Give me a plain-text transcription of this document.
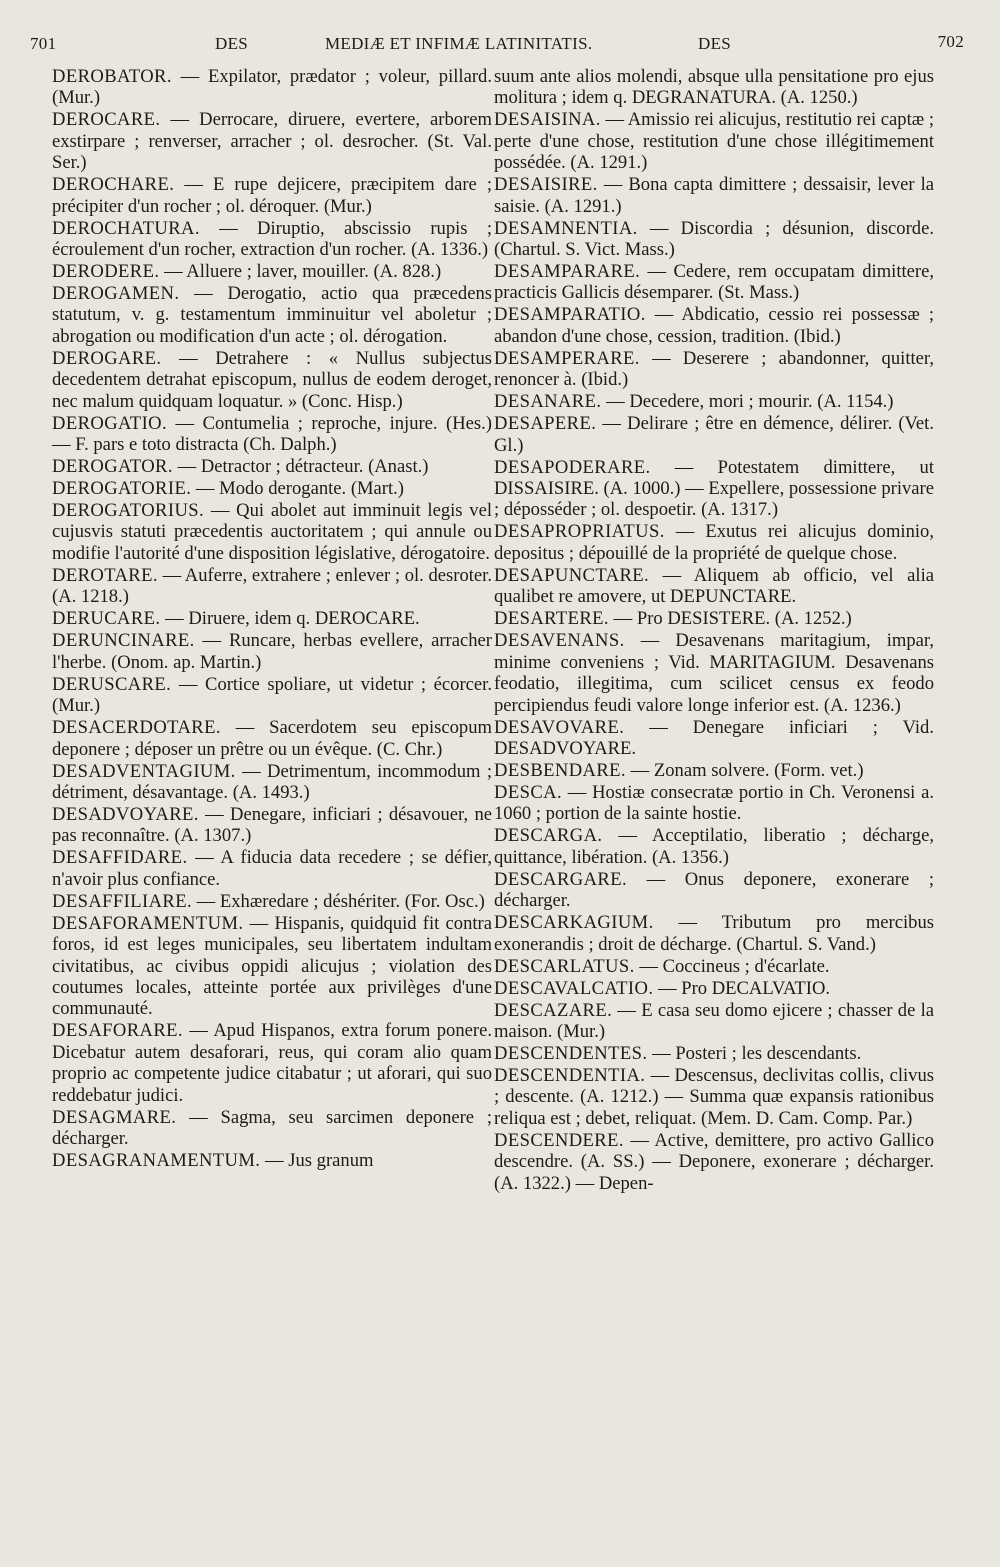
701	DES	MEDIÆ ET INFIMÆ LATINITATIS.	DES	702

DEROBATOR. — Expilator, prædator ; voleur, pillard. (Mur.)

DEROCARE. — Derrocare, diruere, evertere, arborem exstirpare ; renverser, arracher ; ol. desrocher. (St. Val. Ser.)

DEROCHARE. — E rupe dejicere, præcipitem dare ; précipiter d'un rocher ; ol. déroquer. (Mur.)

DEROCHATURA. — Diruptio, abscissio rupis ; écroulement d'un rocher, extraction d'un rocher. (A. 1336.)

DERODERE. — Alluere ; laver, mouiller. (A. 828.)

DEROGAMEN. — Derogatio, actio qua præcedens statutum, v. g. testamentum imminuitur vel aboletur ; abrogation ou modification d'un acte ; ol. dérogation.

DEROGARE. — Detrahere : « Nullus subjectus decedentem detrahat episcopum, nullus de eodem deroget, nec malum quidquam loquatur. » (Conc. Hisp.)

DEROGATIO. — Contumelia ; reproche, injure. (Hes.) — F. pars e toto distracta (Ch. Dalph.)

DEROGATOR. — Detractor ; détracteur. (Anast.)

DEROGATORIE. — Modo derogante. (Mart.)

DEROGATORIUS. — Qui abolet aut imminuit legis vel cujusvis statuti præcedentis auctoritatem ; qui annule ou modifie l'autorité d'une disposition législative, dérogatoire.

DEROTARE. — Auferre, extrahere ; enlever ; ol. desroter. (A. 1218.)

DERUCARE. — Diruere, idem q. DEROCARE.

DERUNCINARE. — Runcare, herbas evellere, arracher l'herbe. (Onom. ap. Martin.)

DERUSCARE. — Cortice spoliare, ut videtur ; écorcer. (Mur.)

DESACERDOTARE. — Sacerdotem seu episcopum deponere ; déposer un prêtre ou un évêque. (C. Chr.)

DESADVENTAGIUM. — Detrimentum, incommodum ; détriment, désavantage. (A. 1493.)

DESADVOYARE. — Denegare, inficiari ; désavouer, ne pas reconnaître. (A. 1307.)

DESAFFIDARE. — A fiducia data recedere ; se défier, n'avoir plus confiance.

DESAFFILIARE. — Exhæredare ; déshériter. (For. Osc.)

DESAFORAMENTUM. — Hispanis, quidquid fit contra foros, id est leges municipales, seu libertatem indultam civitatibus, ac civibus oppidi alicujus ; violation des coutumes locales, atteinte portée aux privilèges d'une communauté.

DESAFORARE. — Apud Hispanos, extra forum ponere. Dicebatur autem desaforari, reus, qui coram alio quam proprio ac competente judice citabatur ; ut aforari, qui suo reddebatur judici.

DESAGMARE. — Sagma, seu sarcimen deponere ; décharger.

DESAGRANAMENTUM. — Jus granum

suum ante alios molendi, absque ulla pensitatione pro ejus molitura ; idem q. DEGRANATURA. (A. 1250.)

DESAISINA. — Amissio rei alicujus, restitutio rei captæ ; perte d'une chose, restitution d'une chose illégitimement possédée. (A. 1291.)

DESAISIRE. — Bona capta dimittere ; dessaisir, lever la saisie. (A. 1291.)

DESAMNENTIA. — Discordia ; désunion, discorde. (Chartul. S. Vict. Mass.)

DESAMPARARE. — Cedere, rem occupatam dimittere, practicis Gallicis désemparer. (St. Mass.)

DESAMPARATIO. — Abdicatio, cessio rei possessæ ; abandon d'une chose, cession, tradition. (Ibid.)

DESAMPERARE. — Deserere ; abandonner, quitter, renoncer à. (Ibid.)

DESANARE. — Decedere, mori ; mourir. (A. 1154.)

DESAPERE. — Delirare ; être en démence, délirer. (Vet. Gl.)

DESAPODERARE. — Potestatem dimittere, ut DISSAISIRE. (A. 1000.) — Expellere, possessione privare ; déposséder ; ol. despoetir. (A. 1317.)

DESAPROPRIATUS. — Exutus rei alicujus dominio, depositus ; dépouillé de la propriété de quelque chose.

DESAPUNCTARE. — Aliquem ab officio, vel alia qualibet re amovere, ut DEPUNCTARE.

DESARTERE. — Pro DESISTERE. (A. 1252.)

DESAVENANS. — Desavenans maritagium, impar, minime conveniens ; Vid. MARITAGIUM. Desavenans feodatio, illegitima, cum scilicet census ex feodo percipiendus feudi valore longe inferior est. (A. 1236.)

DESAVOVARE. — Denegare inficiari ; Vid. DESADVOYARE.

DESBENDARE. — Zonam solvere. (Form. vet.)

DESCA. — Hostiæ consecratæ portio in Ch. Veronensi a. 1060 ; portion de la sainte hostie.

DESCARGA. — Acceptilatio, liberatio ; décharge, quittance, libération. (A. 1356.)

DESCARGARE. — Onus deponere, exonerare ; décharger.

DESCARKAGIUM. — Tributum pro mercibus exonerandis ; droit de décharge. (Chartul. S. Vand.)

DESCARLATUS. — Coccineus ; d'écarlate.

DESCAVALCATIO. — Pro DECALVATIO.

DESCAZARE. — E casa seu domo ejicere ; chasser de la maison. (Mur.)

DESCENDENTES. — Posteri ; les descendants.

DESCENDENTIA. — Descensus, declivitas collis, clivus ; descente. (A. 1212.) — Summa quæ expansis rationibus reliqua est ; debet, reliquat. (Mem. D. Cam. Comp. Par.)

DESCENDERE. — Active, demittere, pro activo Gallico descendre. (A. SS.) — Deponere, exonerare ; décharger. (A. 1322.) — Depen-
